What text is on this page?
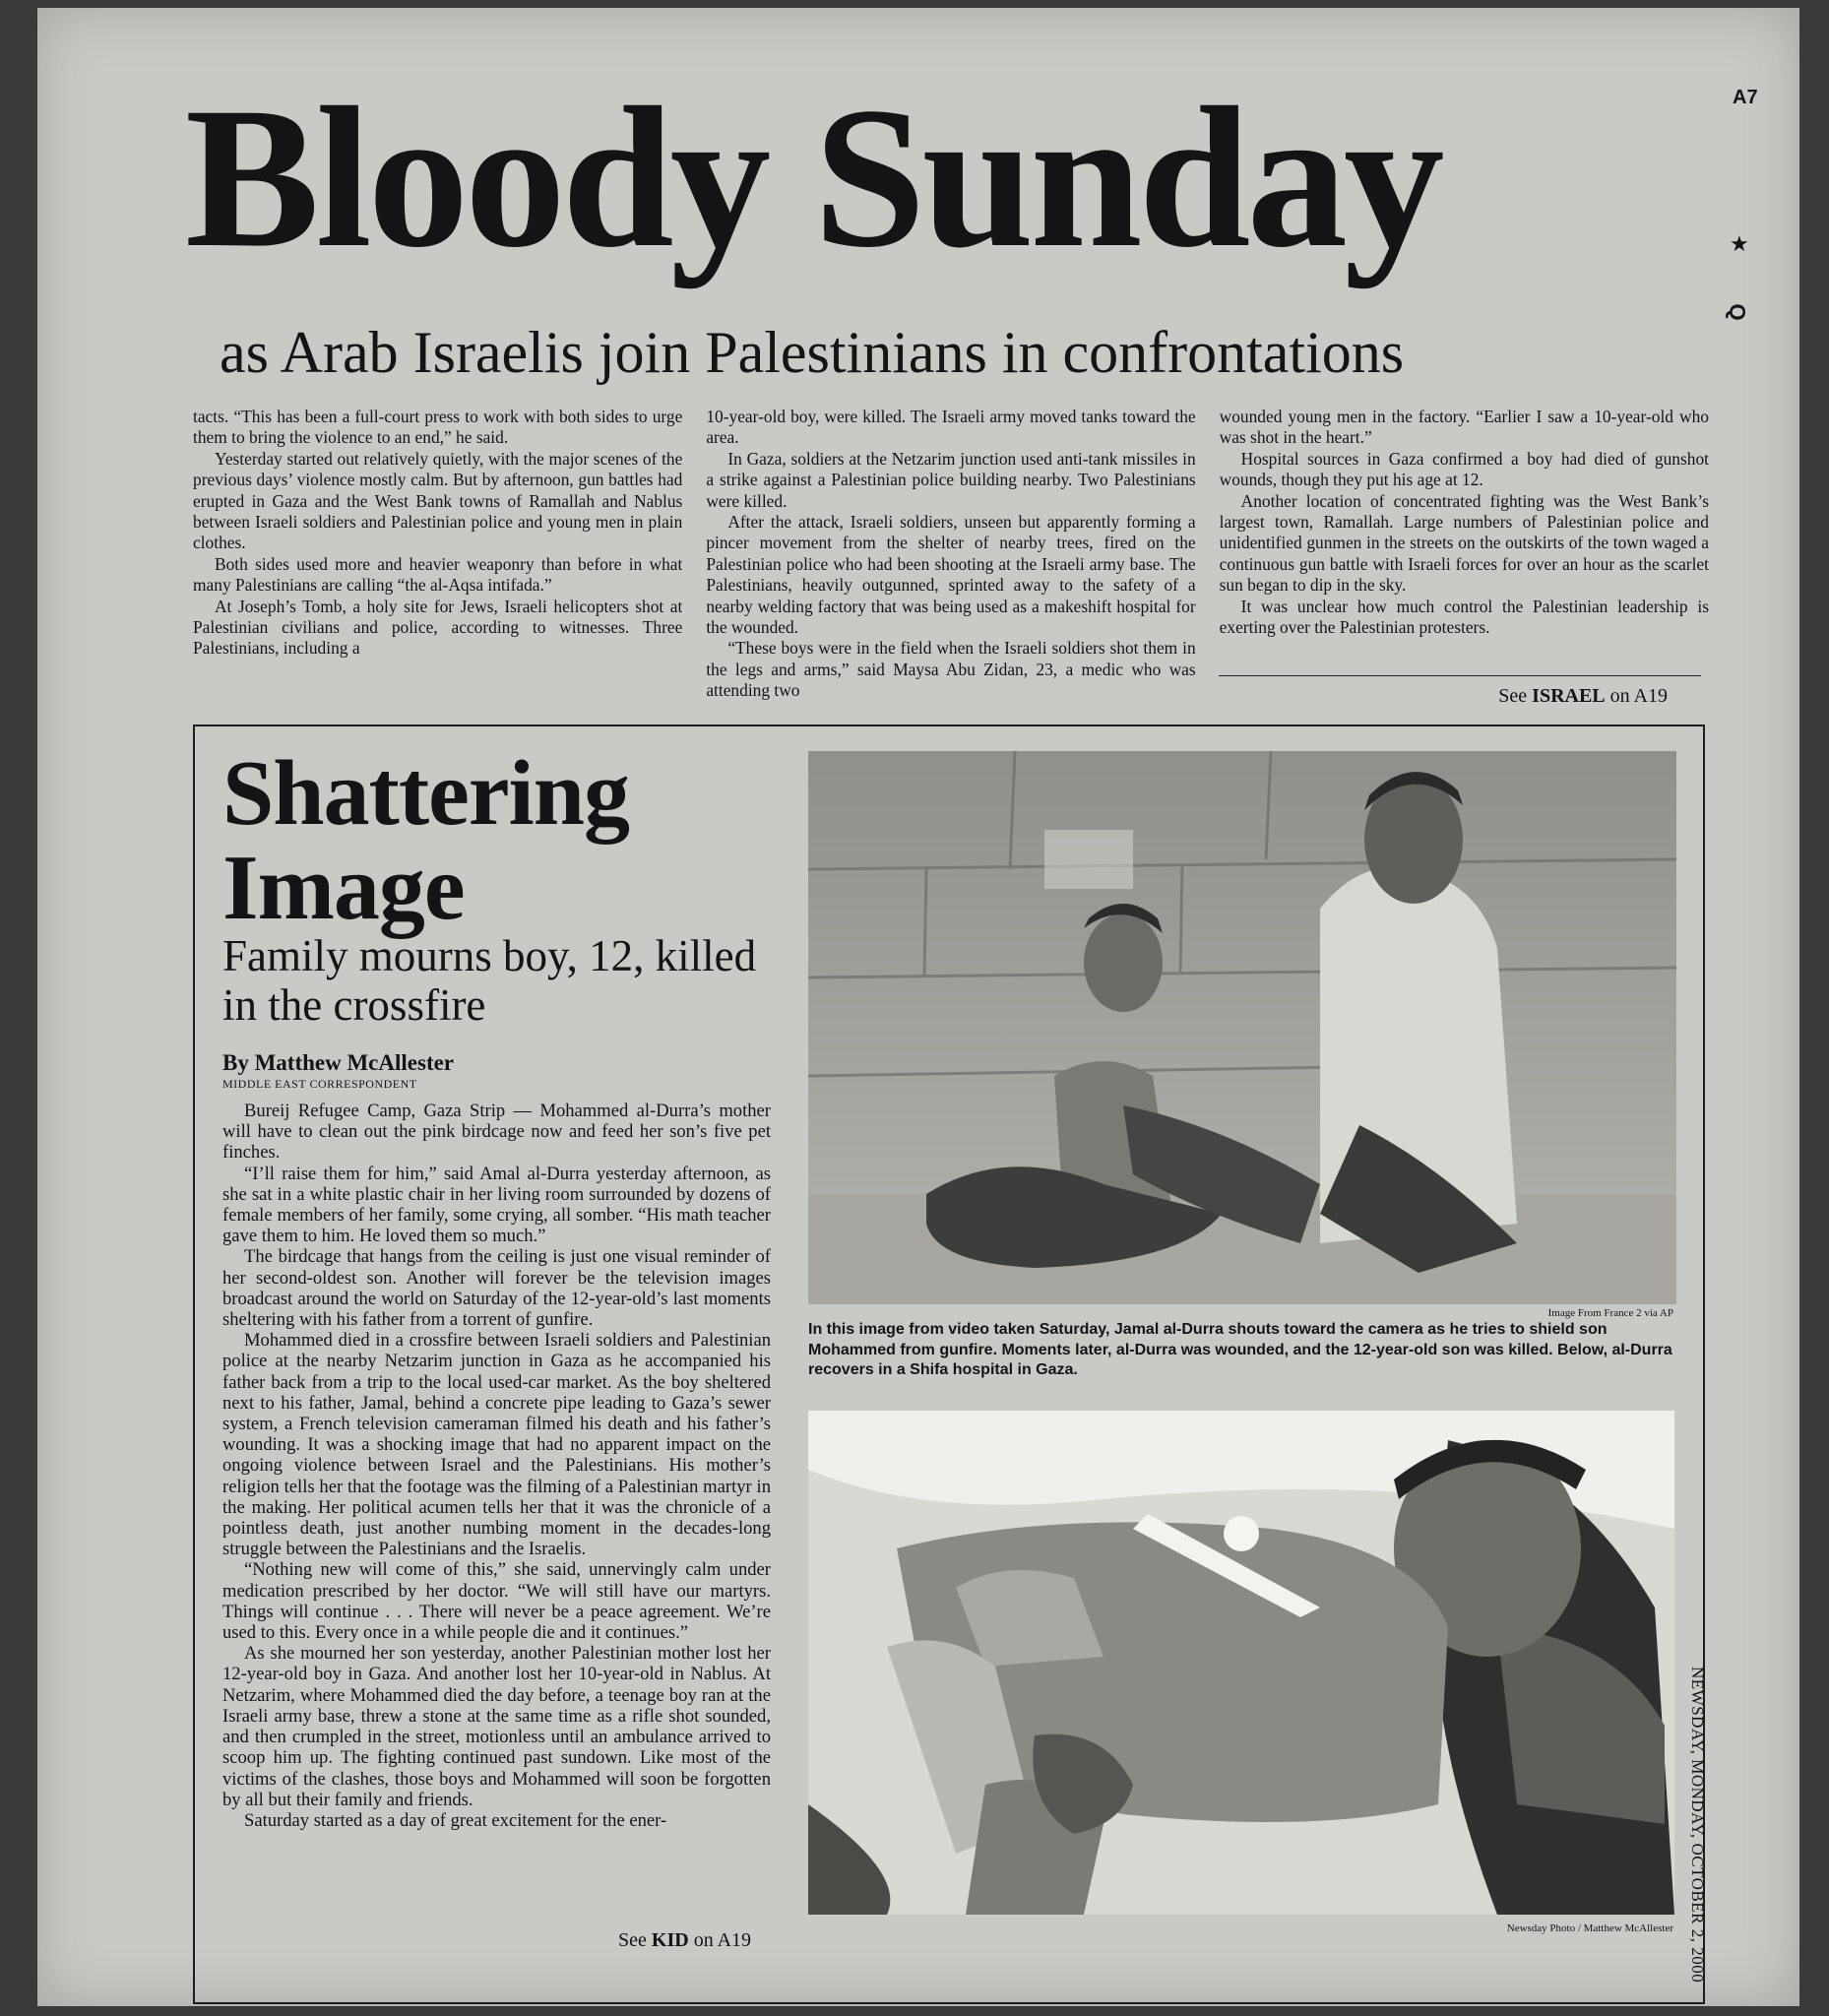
A7
★
Q
Bloody Sunday
as Arab Israelis join Palestinians in confrontations

tacts. “This has been a full-court press to work with both sides to urge them to bring the violence to an end,” he said.

Yesterday started out relatively quietly, with the major scenes of the previous days’ violence mostly calm. But by afternoon, gun battles had erupted in Gaza and the West Bank towns of Ramallah and Nablus between Israeli soldiers and Palestinian police and young men in plain clothes.

Both sides used more and heavier weaponry than before in what many Palestinians are calling “the al-Aqsa intifada.”

At Joseph’s Tomb, a holy site for Jews, Israeli helicopters shot at Palestinian civilians and police, according to witnesses. Three Palestinians, including a

10-year-old boy, were killed. The Israeli army moved tanks toward the area.

In Gaza, soldiers at the Netzarim junction used anti-tank missiles in a strike against a Palestinian police building nearby. Two Palestinians were killed.

After the attack, Israeli soldiers, unseen but apparently forming a pincer movement from the shelter of nearby trees, fired on the Palestinian police who had been shooting at the Israeli army base. The Palestinians, heavily outgunned, sprinted away to the safety of a nearby welding factory that was being used as a makeshift hospital for the wounded.

“These boys were in the field when the Israeli soldiers shot them in the legs and arms,” said Maysa Abu Zidan, 23, a medic who was attending two

wounded young men in the factory. “Earlier I saw a 10-year-old who was shot in the heart.”

Hospital sources in Gaza confirmed a boy had died of gunshot wounds, though they put his age at 12.

Another location of concentrated fighting was the West Bank’s largest town, Ramallah. Large numbers of Palestinian police and unidentified gunmen in the streets on the outskirts of the town waged a continuous gun battle with Israeli forces for over an hour as the scarlet sun began to dip in the sky.

It was unclear how much control the Palestinian leadership is exerting over the Palestinian protesters.

See ISRAEL on A19
Shattering Image
Family mourns boy, 12, killed in the crossfire
By Matthew McAllester
MIDDLE EAST CORRESPONDENT

Bureij Refugee Camp, Gaza Strip — Mohammed al-Durra’s mother will have to clean out the pink birdcage now and feed her son’s five pet finches.

“I’ll raise them for him,” said Amal al-Durra yesterday afternoon, as she sat in a white plastic chair in her living room surrounded by dozens of female members of her family, some crying, all somber. “His math teacher gave them to him. He loved them so much.”

The birdcage that hangs from the ceiling is just one visual reminder of her second-oldest son. Another will forever be the television images broadcast around the world on Saturday of the 12-year-old’s last moments sheltering with his father from a torrent of gunfire.

Mohammed died in a crossfire between Israeli soldiers and Palestinian police at the nearby Netzarim junction in Gaza as he accompanied his father back from a trip to the local used-car market. As the boy sheltered next to his father, Jamal, behind a concrete pipe leading to Gaza’s sewer system, a French television cameraman filmed his death and his father’s wounding. It was a shocking image that had no apparent impact on the ongoing violence between Israel and the Palestinians. His mother’s religion tells her that the footage was the filming of a Palestinian martyr in the making. Her political acumen tells her that it was the chronicle of a pointless death, just another numbing moment in the decades-long struggle between the Palestinians and the Israelis.

“Nothing new will come of this,” she said, unnervingly calm under medication prescribed by her doctor. “We will still have our martyrs. Things will continue . . . There will never be a peace agreement. We’re used to this. Every once in a while people die and it continues.”

As she mourned her son yesterday, another Palestinian mother lost her 12-year-old boy in Gaza. And another lost her 10-year-old in Nablus. At Netzarim, where Mohammed died the day before, a teenage boy ran at the Israeli army base, threw a stone at the same time as a rifle shot sounded, and then crumpled in the street, motionless until an ambulance arrived to scoop him up. The fighting continued past sundown. Like most of the victims of the clashes, those boys and Mohammed will soon be forgotten by all but their family and friends.

Saturday started as a day of great excitement for the ener-

See KID on A19
Image From France 2 via AP
In this image from video taken Saturday, Jamal al-Durra shouts toward the camera as he tries to shield son Mohammed from gunfire. Moments later, al-Durra was wounded, and the 12-year-old son was killed. Below, al-Durra recovers in a Shifa hospital in Gaza.
Newsday Photo / Matthew McAllester NEWSDAY, MONDAY, OCTOBER 2, 2000
